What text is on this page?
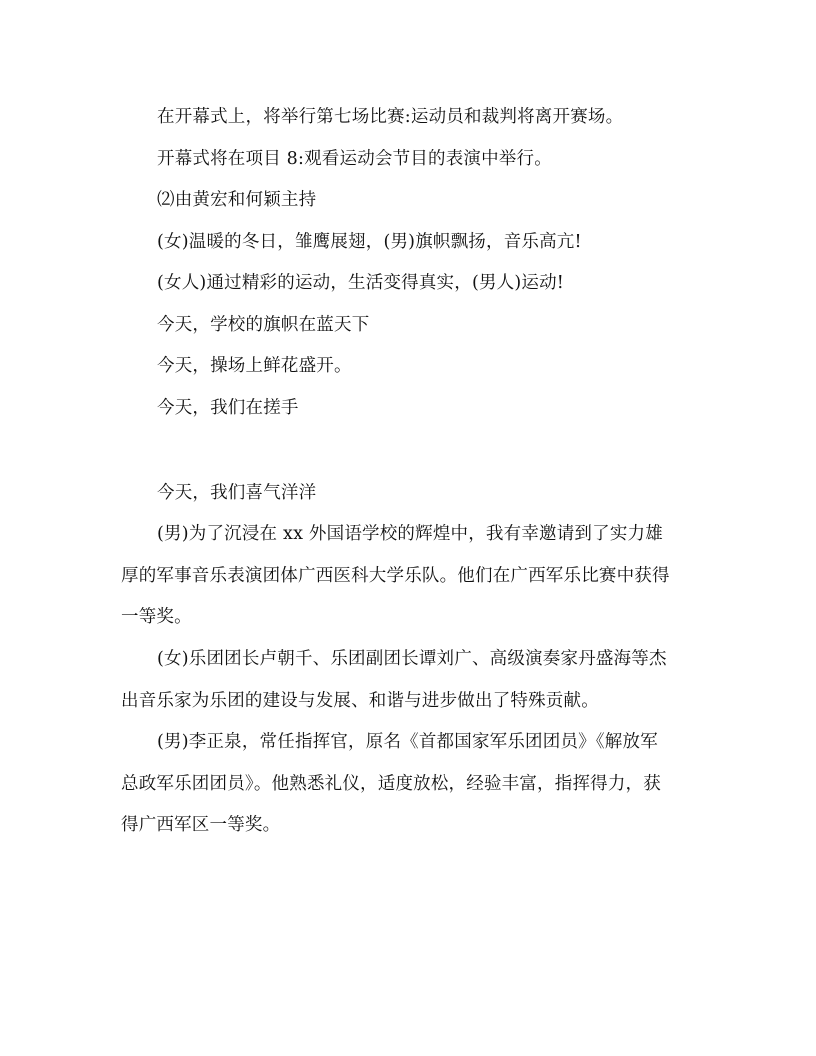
在开幕式上，将举行第七场比赛:运动员和裁判将离开赛场。
开幕式将在项目 8:观看运动会节目的表演中举行。
⑵由黄宏和何颖主持
(女)温暖的冬日，雏鹰展翅，(男)旗帜飘扬，音乐高亢!
(女人)通过精彩的运动，生活变得真实，(男人)运动!
今天，学校的旗帜在蓝天下
今天，操场上鲜花盛开。
今天，我们在搓手
今天，我们喜气洋洋
(男)为了沉浸在 xx 外国语学校的辉煌中，我有幸邀请到了实力雄
厚的军事音乐表演团体广西医科大学乐队。他们在广西军乐比赛中获得
一等奖。
(女)乐团团长卢朝千、乐团副团长谭刘广、高级演奏家丹盛海等杰
出音乐家为乐团的建设与发展、和谐与进步做出了特殊贡献。
(男)李正泉，常任指挥官，原名《首都国家军乐团团员》《解放军
总政军乐团团员》。他熟悉礼仪，适度放松，经验丰富，指挥得力，获
得广西军区一等奖。
